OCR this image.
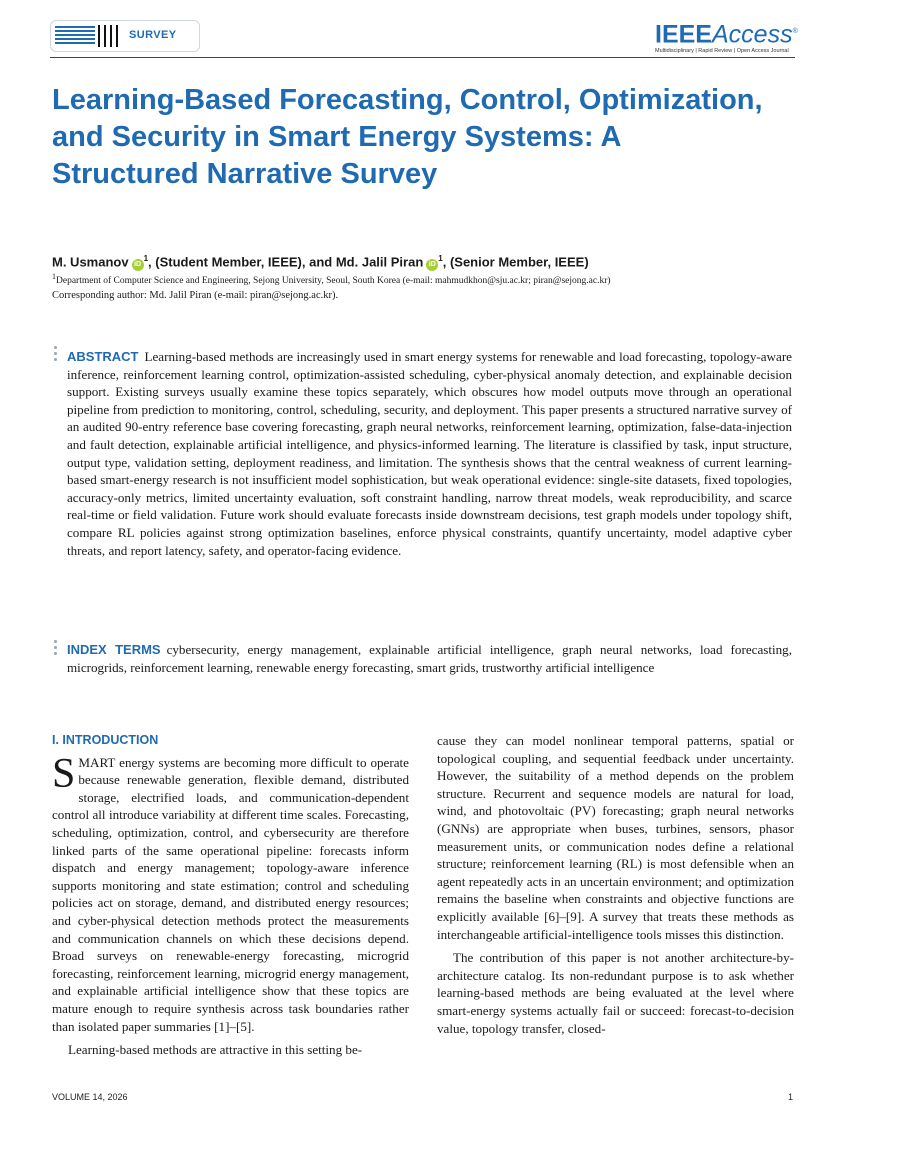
SURVEY	IEEEAccess®
Multidisciplinary | Rapid Review | Open Access Journal
Learning-Based Forecasting, Control, Optimization, and Security in Smart Energy Systems: A Structured Narrative Survey
M. Usmanov $iD^1$, (Student Member, IEEE), and Md. Jalil Piran $iD^1$, (Senior Member, IEEE)
$^1$Department of Computer Science and Engineering, Sejong University, Seoul, South Korea (e-mail: mahmudkhon@sju.ac.kr; piran@sejong.ac.kr)
Corresponding author: Md. Jalil Piran (e-mail: piran@sejong.ac.kr).

ABSTRACT Learning-based methods are increasingly used in smart energy systems for renewable and load forecasting, topology-aware inference, reinforcement learning control, optimization-assisted scheduling, cyber-physical anomaly detection, and explainable decision support. Existing surveys usually examine these topics separately, which obscures how model outputs move through an operational pipeline from prediction to monitoring, control, scheduling, security, and deployment. This paper presents a structured narrative survey of an audited 90-entry reference base covering forecasting, graph neural networks, reinforcement learning, optimization, false-data-injection and fault detection, explainable artificial intelligence, and physics-informed learning. The literature is classified by task, input structure, output type, validation setting, deployment readiness, and limitation. The synthesis shows that the central weakness of current learning-based smart-energy research is not insufficient model sophistication, but weak operational evidence: single-site datasets, fixed topologies, accuracy-only metrics, limited uncertainty evaluation, soft constraint handling, narrow threat models, weak reproducibility, and scarce real-time or field validation. Future work should evaluate forecasts inside downstream decisions, test graph models under topology shift, compare RL policies against strong optimization baselines, enforce physical constraints, quantify uncertainty, model adaptive cyber threats, and report latency, safety, and operator-facing evidence.

INDEX TERMS cybersecurity, energy management, explainable artificial intelligence, graph neural networks, load forecasting, microgrids, reinforcement learning, renewable energy forecasting, smart grids, trustworthy artificial intelligence

I. INTRODUCTION

SMART energy systems are becoming more difficult to operate because renewable generation, flexible demand, distributed storage, electrified loads, and communication-dependent control all introduce variability at different time scales. Forecasting, scheduling, optimization, control, and cybersecurity are therefore linked parts of the same operational pipeline: forecasts inform dispatch and energy management; topology-aware inference supports monitoring and state estimation; control and scheduling policies act on storage, demand, and distributed energy resources; and cyber-physical detection methods protect the measurements and communication channels on which these decisions depend. Broad surveys on renewable-energy forecasting, microgrid forecasting, reinforcement learning, microgrid energy management, and explainable artificial intelligence show that these topics are mature enough to require synthesis across task boundaries rather than isolated paper summaries [1]–[5].

Learning-based methods are attractive in this setting be-

cause they can model nonlinear temporal patterns, spatial or topological coupling, and sequential feedback under uncertainty. However, the suitability of a method depends on the problem structure. Recurrent and sequence models are natural for load, wind, and photovoltaic (PV) forecasting; graph neural networks (GNNs) are appropriate when buses, turbines, sensors, phasor measurement units, or communication nodes define a relational structure; reinforcement learning (RL) is most defensible when an agent repeatedly acts in an uncertain environment; and optimization remains the baseline when constraints and objective functions are explicitly available [6]–[9]. A survey that treats these methods as interchangeable artificial-intelligence tools misses this distinction.

The contribution of this paper is not another architecture-by-architecture catalog. Its non-redundant purpose is to ask whether learning-based methods are being evaluated at the level where smart-energy systems actually fail or succeed: forecast-to-decision value, topology transfer, closed-

VOLUME 14, 2026	1
